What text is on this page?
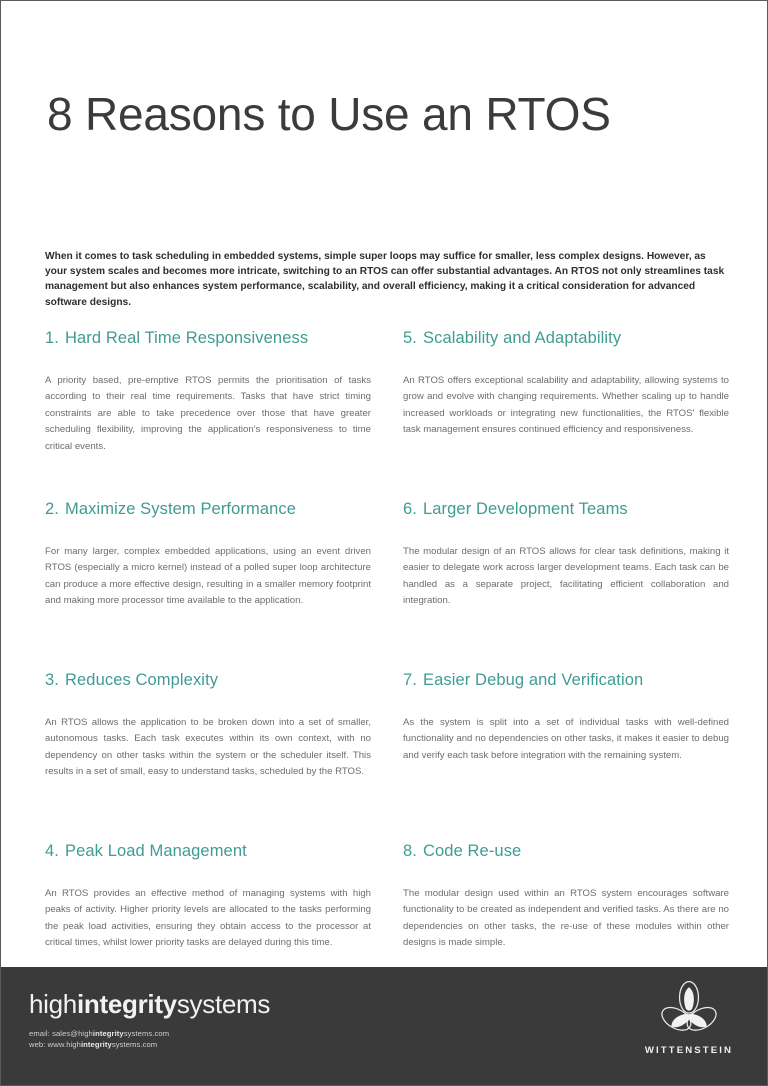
8 Reasons to Use an RTOS

When it comes to task scheduling in embedded systems, simple super loops may suffice for smaller, less complex designs. However, as your system scales and becomes more intricate, switching to an RTOS can offer substantial advantages. An RTOS not only streamlines task management but also enhances system performance, scalability, and overall efficiency, making it a critical consideration for advanced software designs.

1. Hard Real Time Responsiveness

A priority based, pre-emptive RTOS permits the prioritisation of tasks according to their real time requirements. Tasks that have strict timing constraints are able to take precedence over those that have greater scheduling flexibility, improving the application's responsiveness to time critical events.

2. Maximize System Performance

For many larger, complex embedded applications, using an event driven RTOS (especially a micro kernel) instead of a polled super loop architecture can produce a more effective design, resulting in a smaller memory footprint and making more processor time available to the application.

3. Reduces Complexity

An RTOS allows the application to be broken down into a set of smaller, autonomous tasks. Each task executes within its own context, with no dependency on other tasks within the system or the scheduler itself. This results in a set of small, easy to understand tasks, scheduled by the RTOS.

4. Peak Load Management

An RTOS provides an effective method of managing systems with high peaks of activity. Higher priority levels are allocated to the tasks performing the peak load activities, ensuring they obtain access to the processor at critical times, whilst lower priority tasks are delayed during this time.

5. Scalability and Adaptability

An RTOS offers exceptional scalability and adaptability, allowing systems to grow and evolve with changing requirements. Whether scaling up to handle increased workloads or integrating new functionalities, the RTOS' flexible task management ensures continued efficiency and responsiveness.

6. Larger Development Teams

The modular design of an RTOS allows for clear task definitions, making it easier to delegate work across larger development teams. Each task can be handled as a separate project, facilitating efficient collaboration and integration.

7. Easier Debug and Verification

As the system is split into a set of individual tasks with well-defined functionality and no dependencies on other tasks, it makes it easier to debug and verify each task before integration with the remaining system.

8. Code Re-use

The modular design used within an RTOS system encourages software functionality to be created as independent and verified tasks. As there are no dependencies on other tasks, the re-use of these modules within other designs is made simple.

highintegritysystems
email: sales@highintegritysystems.com
web: www.highintegritysystems.com
WITTENSTEIN
